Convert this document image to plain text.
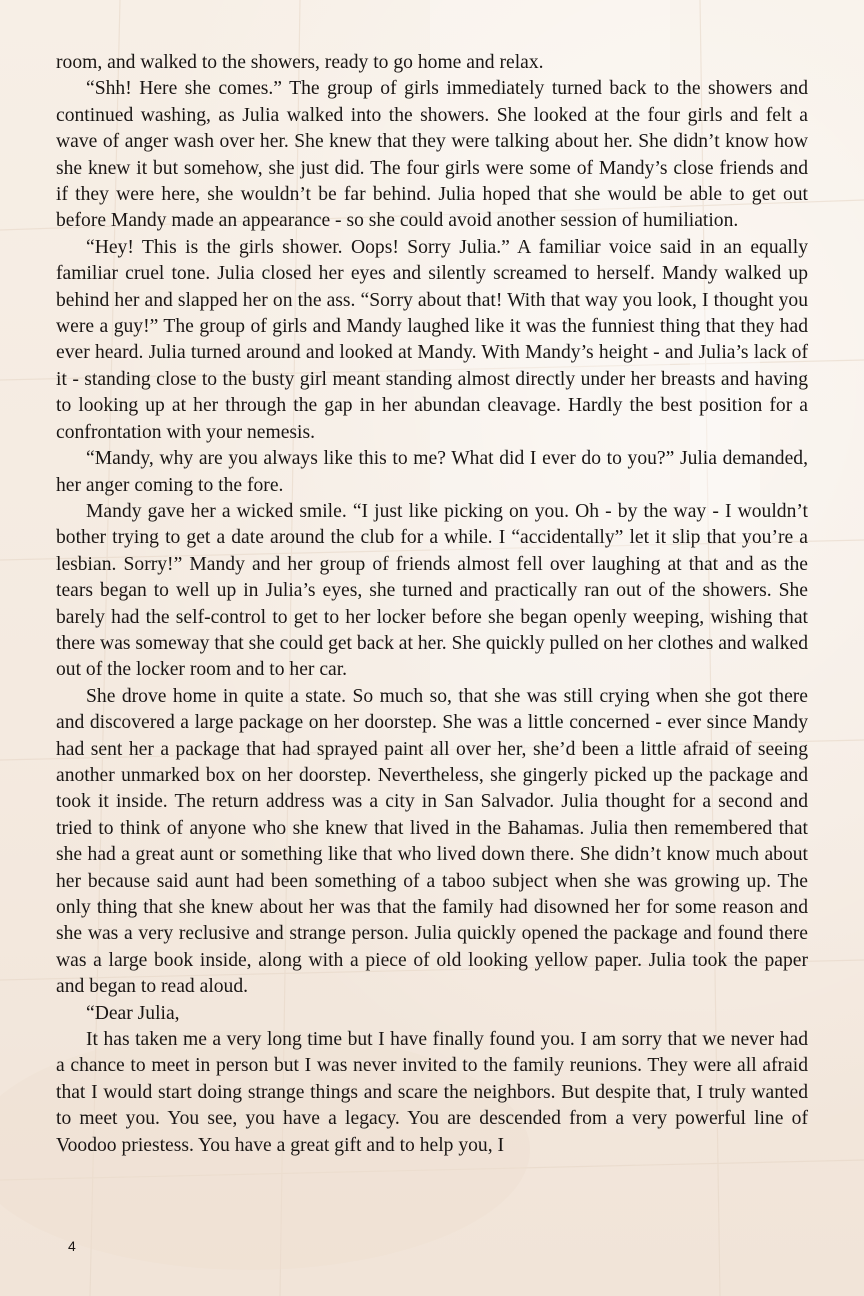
room, and walked to the showers, ready to go home and relax.

“Shh! Here she comes.” The group of girls immediately turned back to the showers and continued washing, as Julia walked into the showers. She looked at the four girls and felt a wave of anger wash over her. She knew that they were talking about her. She didn’t know how she knew it but somehow, she just did. The four girls were some of Mandy’s close friends and if they were here, she wouldn’t be far behind. Julia hoped that she would be able to get out before Mandy made an appearance - so she could avoid another session of humiliation.

“Hey! This is the girls shower. Oops! Sorry Julia.” A familiar voice said in an equally familiar cruel tone. Julia closed her eyes and silently screamed to herself. Mandy walked up behind her and slapped her on the ass. “Sorry about that! With that way you look, I thought you were a guy!” The group of girls and Mandy laughed like it was the funniest thing that they had ever heard. Julia turned around and looked at Mandy. With Mandy’s height - and Julia’s lack of it - standing close to the busty girl meant standing almost directly under her breasts and having to looking up at her through the gap in her abundan cleavage. Hardly the best position for a confrontation with your nemesis.

“Mandy, why are you always like this to me? What did I ever do to you?” Julia demanded, her anger coming to the fore.

Mandy gave her a wicked smile. “I just like picking on you. Oh - by the way - I wouldn’t bother trying to get a date around the club for a while. I “accidentally” let it slip that you’re a lesbian. Sorry!” Mandy and her group of friends almost fell over laughing at that and as the tears began to well up in Julia’s eyes, she turned and practically ran out of the showers. She barely had the self-control to get to her locker before she began openly weeping, wishing that there was someway that she could get back at her. She quickly pulled on her clothes and walked out of the locker room and to her car.

She drove home in quite a state. So much so, that she was still crying when she got there and discovered a large package on her doorstep. She was a little concerned - ever since Mandy had sent her a package that had sprayed paint all over her, she’d been a little afraid of seeing another unmarked box on her doorstep. Nevertheless, she gingerly picked up the package and took it inside. The return address was a city in San Salvador. Julia thought for a second and tried to think of anyone who she knew that lived in the Bahamas. Julia then remembered that she had a great aunt or something like that who lived down there. She didn’t know much about her because said aunt had been something of a taboo subject when she was growing up. The only thing that she knew about her was that the family had disowned her for some reason and she was a very reclusive and strange person. Julia quickly opened the package and found there was a large book inside, along with a piece of old looking yellow paper. Julia took the paper and began to read aloud.

“Dear Julia,

It has taken me a very long time but I have finally found you. I am sorry that we never had a chance to meet in person but I was never invited to the family reunions. They were all afraid that I would start doing strange things and scare the neighbors. But despite that, I truly wanted to meet you. You see, you have a legacy. You are descended from a very powerful line of Voodoo priestess. You have a great gift and to help you, I

4
